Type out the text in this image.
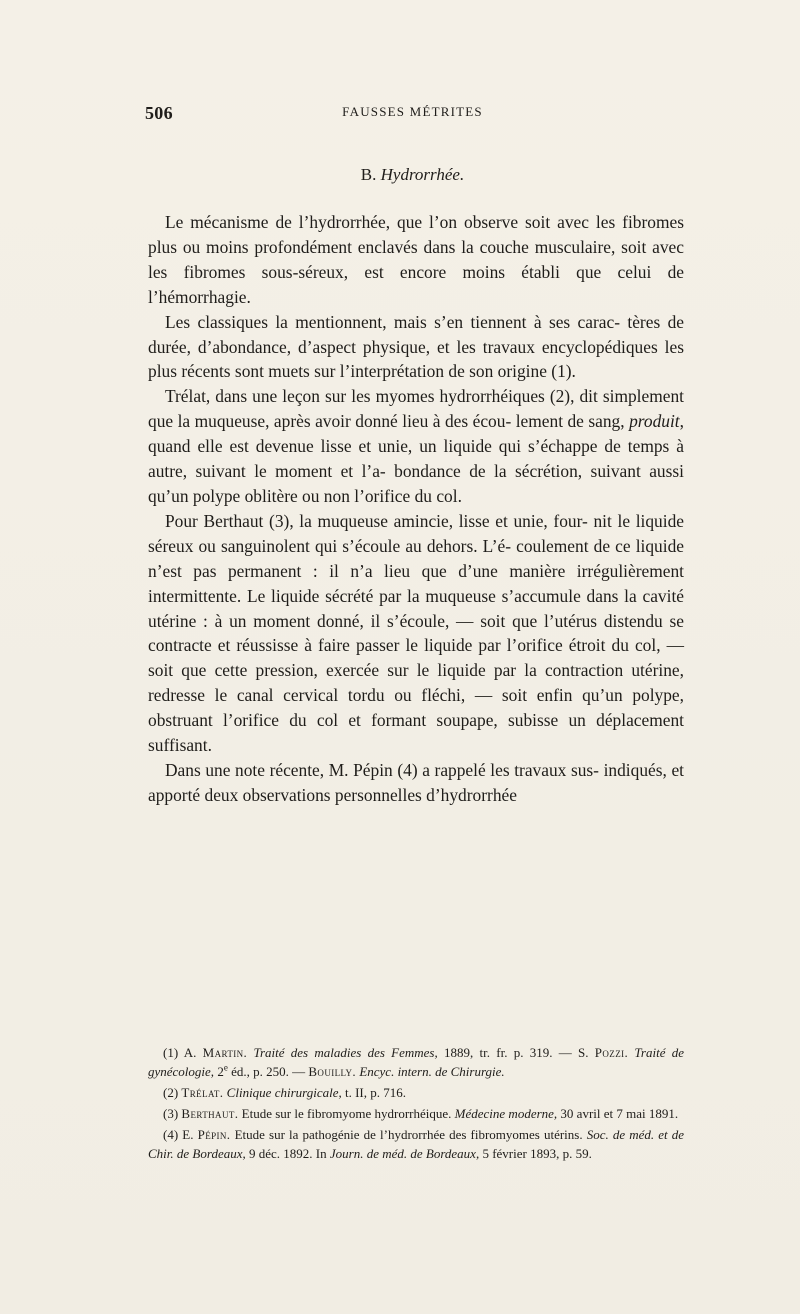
506	FAUSSES MÉTRITES
B. Hydrorrhée.

Le mécanisme de l’hydrorrhée, que l’on observe soit avec les fibromes plus ou moins profondément enclavés dans la couche musculaire, soit avec les fibromes sous-séreux, est encore moins établi que celui de l’hémorrhagie.

Les classiques la mentionnent, mais s’en tiennent à ses carac- tères de durée, d’abondance, d’aspect physique, et les travaux encyclopédiques les plus récents sont muets sur l’interprétation de son origine (1).

Trélat, dans une leçon sur les myomes hydrorrhéiques (2), dit simplement que la muqueuse, après avoir donné lieu à des écou- lement de sang, produit, quand elle est devenue lisse et unie, un liquide qui s’échappe de temps à autre, suivant le moment et l’a- bondance de la sécrétion, suivant aussi qu’un polype oblitère ou non l’orifice du col.

Pour Berthaut (3), la muqueuse amincie, lisse et unie, four- nit le liquide séreux ou sanguinolent qui s’écoule au dehors. L’é- coulement de ce liquide n’est pas permanent : il n’a lieu que d’une manière irrégulièrement intermittente. Le liquide sécrété par la muqueuse s’accumule dans la cavité utérine : à un moment donné, il s’écoule, — soit que l’utérus distendu se contracte et réussisse à faire passer le liquide par l’orifice étroit du col, — soit que cette pression, exercée sur le liquide par la contraction utérine, redresse le canal cervical tordu ou fléchi, — soit enfin qu’un polype, obstruant l’orifice du col et formant soupape, subisse un déplacement suffisant.

Dans une note récente, M. Pépin (4) a rappelé les travaux sus- indiqués, et apporté deux observations personnelles d’hydrorrhée

(1) A. Martin. Traité des maladies des Femmes, 1889, tr. fr. p. 319. — S. Pozzi. Traité de gynécologie, 2e éd., p. 250. — Bouilly. Encyc. intern. de Chirurgie.

(2) Trélat. Clinique chirurgicale, t. II, p. 716.

(3) Berthaut. Etude sur le fibromyome hydrorrhéique. Médecine moderne, 30 avril et 7 mai 1891.

(4) E. Pépin. Etude sur la pathogénie de l’hydrorrhée des fibromyomes utérins. Soc. de méd. et de Chir. de Bordeaux, 9 déc. 1892. In Journ. de méd. de Bordeaux, 5 février 1893, p. 59.
